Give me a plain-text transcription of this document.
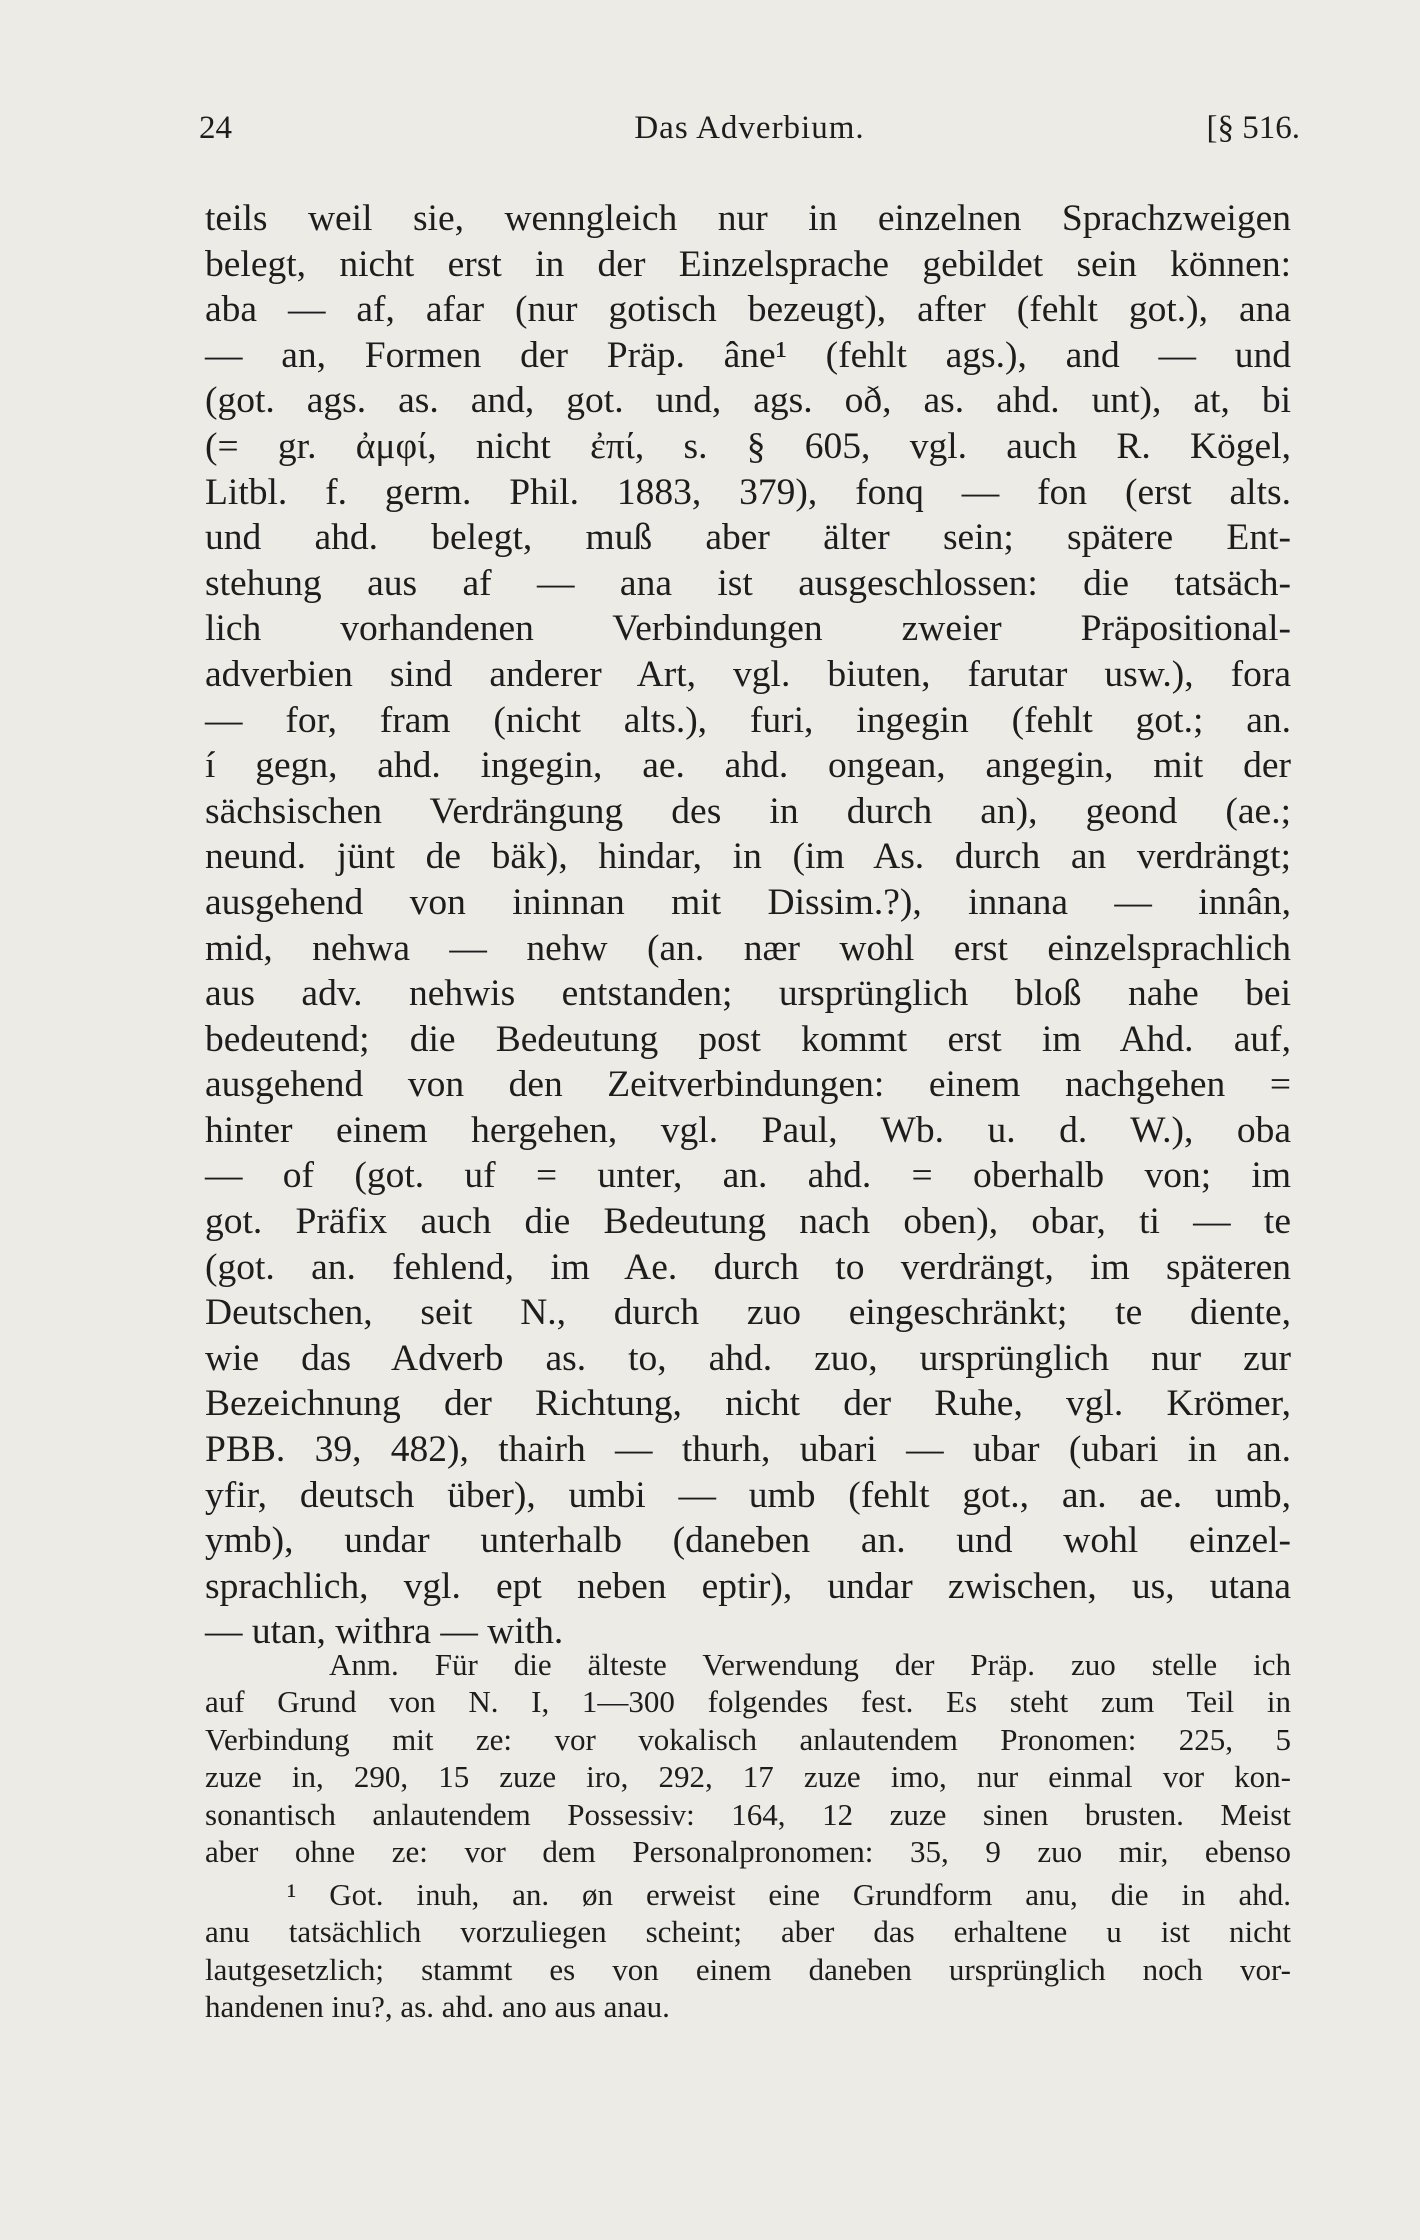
24	Das Adverbium.	[§ 516.
teils weil sie, wenngleich nur in einzelnen Sprachzweigen
belegt, nicht erst in der Einzelsprache gebildet sein können:
aba — af, afar (nur gotisch bezeugt), after (fehlt got.), ana
— an, Formen der Präp. âne¹ (fehlt ags.), and — und
(got. ags. as. and, got. und, ags. oð, as. ahd. unt), at, bi
(= gr. ἀμφί, nicht ἐπί, s. § 605, vgl. auch R. Kögel,
Litbl. f. germ. Phil. 1883, 379), fonq — fon (erst alts.
und ahd. belegt, muß aber älter sein; spätere Ent-
stehung aus af — ana ist ausgeschlossen: die tatsäch-
lich vorhandenen Verbindungen zweier Präpositional-
adverbien sind anderer Art, vgl. biuten, farutar usw.), fora
— for, fram (nicht alts.), furi, ingegin (fehlt got.; an.
í gegn, ahd. ingegin, ae. ahd. ongean, angegin, mit der
sächsischen Verdrängung des in durch an), geond (ae.;
neund. jünt de bäk), hindar, in (im As. durch an verdrängt;
ausgehend von ininnan mit Dissim.?), innana — innân,
mid, nehwa — nehw (an. nær wohl erst einzelsprachlich
aus adv. nehwis entstanden; ursprünglich bloß nahe bei
bedeutend; die Bedeutung post kommt erst im Ahd. auf,
ausgehend von den Zeitverbindungen: einem nachgehen =
hinter einem hergehen, vgl. Paul, Wb. u. d. W.), oba
— of (got. uf = unter, an. ahd. = oberhalb von; im
got. Präfix auch die Bedeutung nach oben), obar, ti — te
(got. an. fehlend, im Ae. durch to verdrängt, im späteren
Deutschen, seit N., durch zuo eingeschränkt; te diente,
wie das Adverb as. to, ahd. zuo, ursprünglich nur zur
Bezeichnung der Richtung, nicht der Ruhe, vgl. Krömer,
PBB. 39, 482), thairh — thurh, ubari — ubar (ubari in an.
yfir, deutsch über), umbi — umb (fehlt got., an. ae. umb,
ymb), undar unterhalb (daneben an. und wohl einzel-
sprachlich, vgl. ept neben eptir), undar zwischen, us, utana
— utan, withra — with.
Anm. Für die älteste Verwendung der Präp. zuo stelle ich
auf Grund von N. I, 1—300 folgendes fest. Es steht zum Teil in
Verbindung mit ze: vor vokalisch anlautendem Pronomen: 225, 5
zuze in, 290, 15 zuze iro, 292, 17 zuze imo, nur einmal vor kon-
sonantisch anlautendem Possessiv: 164, 12 zuze sinen brusten. Meist
aber ohne ze: vor dem Personalpronomen: 35, 9 zuo mir, ebenso
¹ Got. inuh, an. øn erweist eine Grundform anu, die in ahd.
anu tatsächlich vorzuliegen scheint; aber das erhaltene u ist nicht
lautgesetzlich; stammt es von einem daneben ursprünglich noch vor-
handenen inu?, as. ahd. ano aus anau.
